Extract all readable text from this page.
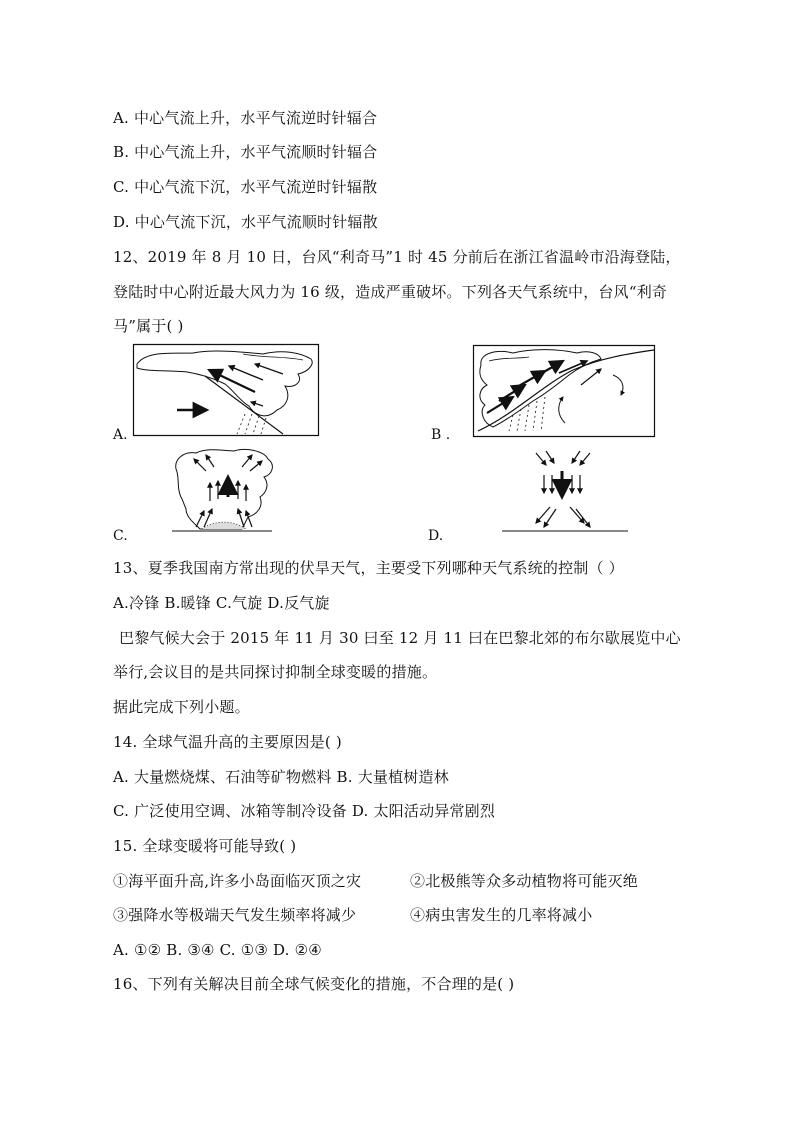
A. 中心气流上升，水平气流逆时针辐合
B. 中心气流上升，水平气流顺时针辐合
C. 中心气流下沉，水平气流逆时针辐散
D. 中心气流下沉，水平气流顺时针辐散
12、2019 年 8 月 10 日，台风“利奇马”1 时 45 分前后在浙江省温岭市沿海登陆，
登陆时中心附近最大风力为 16 级，造成严重破坏。下列各天气系统中，台风“利奇
马”属于( )
A.	B .
C.	D.
13、夏季我国南方常出现的伏旱天气，主要受下列哪种天气系统的控制（ ）
A.冷锋 B.暖锋 C.气旋 D.反气旋
巴黎气候大会于 2015 年 11 月 30 曰至 12 月 11 曰在巴黎北郊的布尔歇展览中心
举行,会议目的是共同探讨抑制全球变暖的措施。
据此完成下列小题。
14. 全球气温升高的主要原因是( )
A. 大量燃烧煤、石油等矿物燃料 B. 大量植树造林
C. 广泛使用空调、冰箱等制冷设备 D. 太阳活动异常剧烈
15. 全球变暖将可能导致( )
①海平面升高,许多小岛面临灭顶之灾	②北极熊等众多动植物将可能灭绝
③强降水等极端天气发生频率将减少	④病虫害发生的几率将减小
A. ①② B. ③④ C. ①③ D. ②④
16、下列有关解决目前全球气候变化的措施，不合理的是( )
